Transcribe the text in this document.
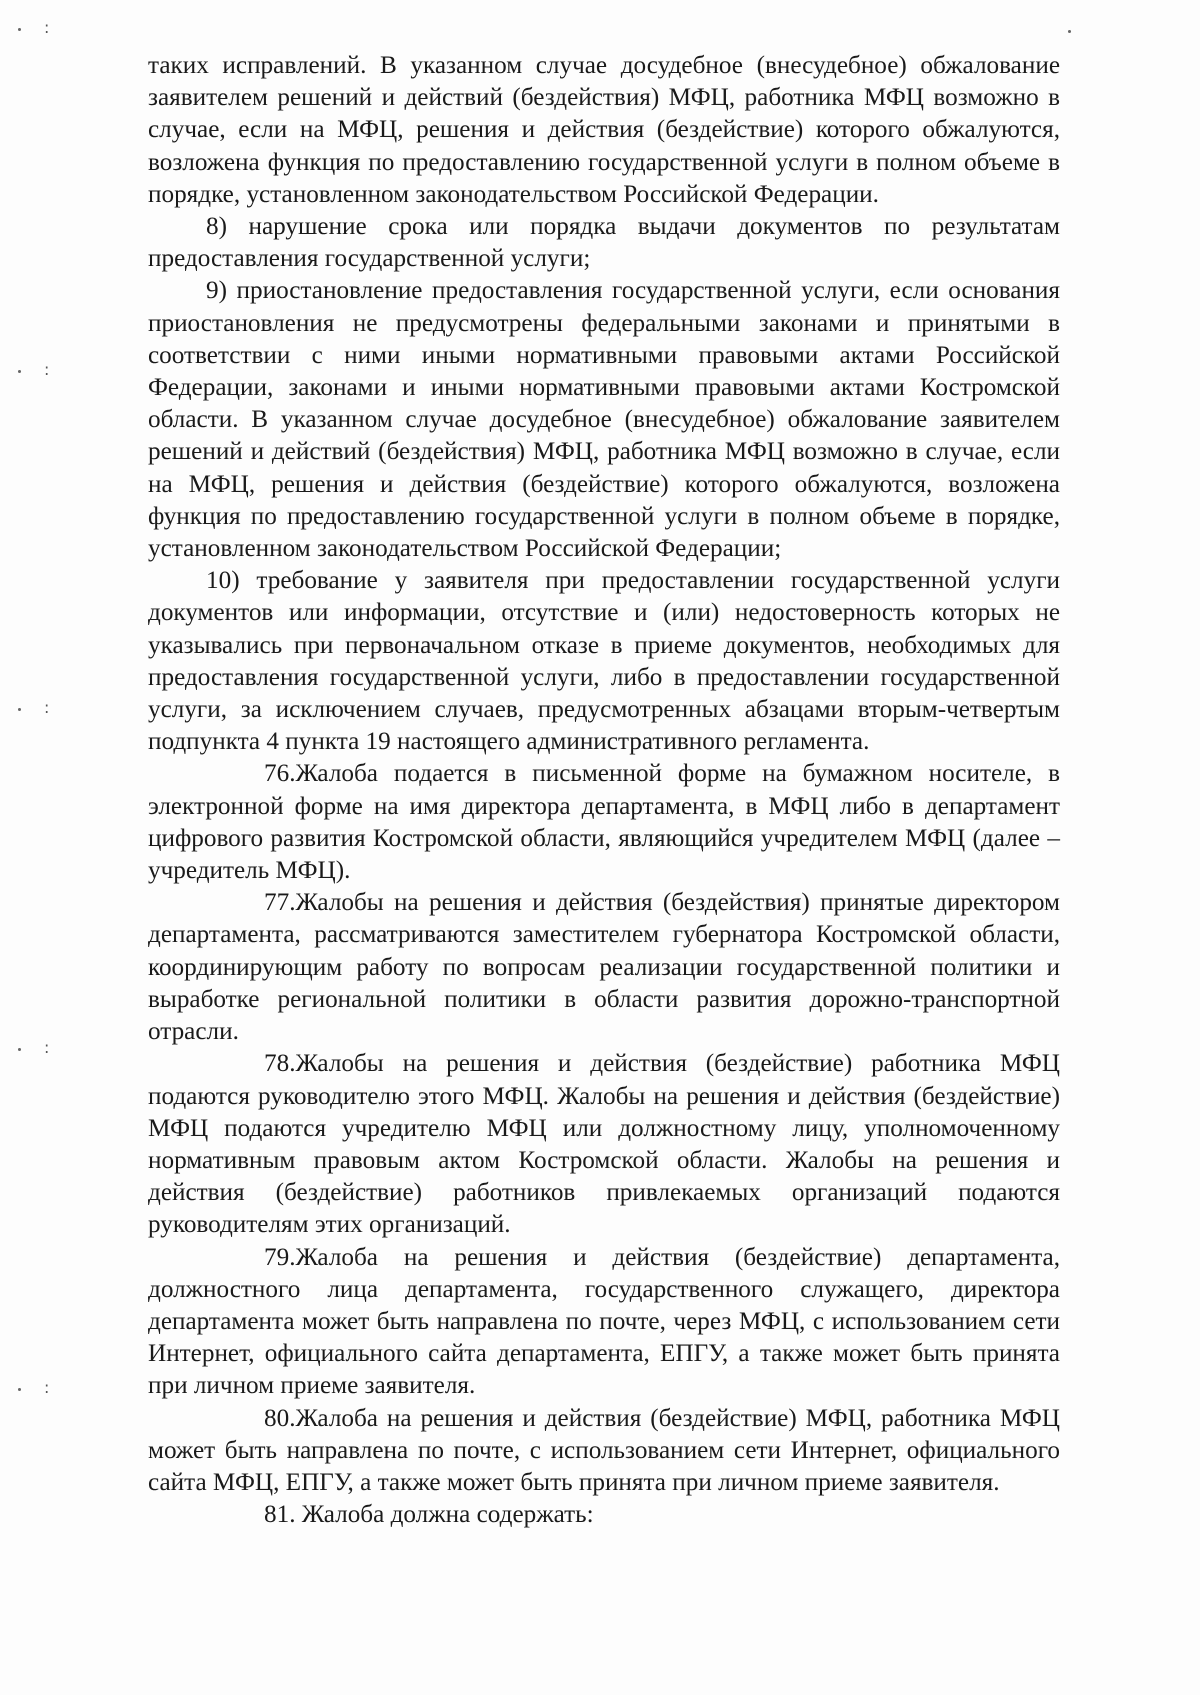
:
:
:
:
:

таких исправлений. В указанном случае досудебное (внесудебное) обжалование заявителем решений и действий (бездействия) МФЦ, работника МФЦ возможно в случае, если на МФЦ, решения и действия (бездействие) которого обжалуются, возложена функция по предоставлению государственной услуги в полном объеме в порядке, установленном законодательством Российской Федерации.

8) нарушение срока или порядка выдачи документов по результатам предоставления государственной услуги;

9) приостановление предоставления государственной услуги, если основания приостановления не предусмотрены федеральными законами и принятыми в соответствии с ними иными нормативными правовыми актами Российской Федерации, законами и иными нормативными правовыми актами Костромской области. В указанном случае досудебное (внесудебное) обжалование заявителем решений и действий (бездействия) МФЦ, работника МФЦ возможно в случае, если на МФЦ, решения и действия (бездействие) которого обжалуются, возложена функция по предоставлению государственной услуги в полном объеме в порядке, установленном законодательством Российской Федерации;

10) требование у заявителя при предоставлении государственной услуги документов или информации, отсутствие и (или) недостоверность которых не указывались при первоначальном отказе в приеме документов, необходимых для предоставления государственной услуги, либо в предоставлении государственной услуги, за исключением случаев, предусмотренных абзацами вторым-четвертым подпункта 4 пункта 19 настоящего административного регламента.

76.Жалоба подается в письменной форме на бумажном носителе, в электронной форме на имя директора департамента, в МФЦ либо в департамент цифрового развития Костромской области, являющийся учредителем МФЦ (далее – учредитель МФЦ).

77.Жалобы на решения и действия (бездействия) принятые директором департамента, рассматриваются заместителем губернатора Костромской области, координирующим работу по вопросам реализации государственной политики и выработке региональной политики в области развития дорожно-транспортной отрасли.

78.Жалобы на решения и действия (бездействие) работника МФЦ подаются руководителю этого МФЦ. Жалобы на решения и действия (бездействие) МФЦ подаются учредителю МФЦ или должностному лицу, уполномоченному нормативным правовым актом Костромской области. Жалобы на решения и действия (бездействие) работников привлекаемых организаций подаются руководителям этих организаций.

79.Жалоба на решения и действия (бездействие) департамента, должностного лица департамента, государственного служащего, директора департамента может быть направлена по почте, через МФЦ, с использованием сети Интернет, официального сайта департамента, ЕПГУ, а также может быть принята при личном приеме заявителя.

80.Жалоба на решения и действия (бездействие) МФЦ, работника МФЦ может быть направлена по почте, с использованием сети Интернет, официального сайта МФЦ, ЕПГУ, а также может быть принята при личном приеме заявителя.

81. Жалоба должна содержать:
